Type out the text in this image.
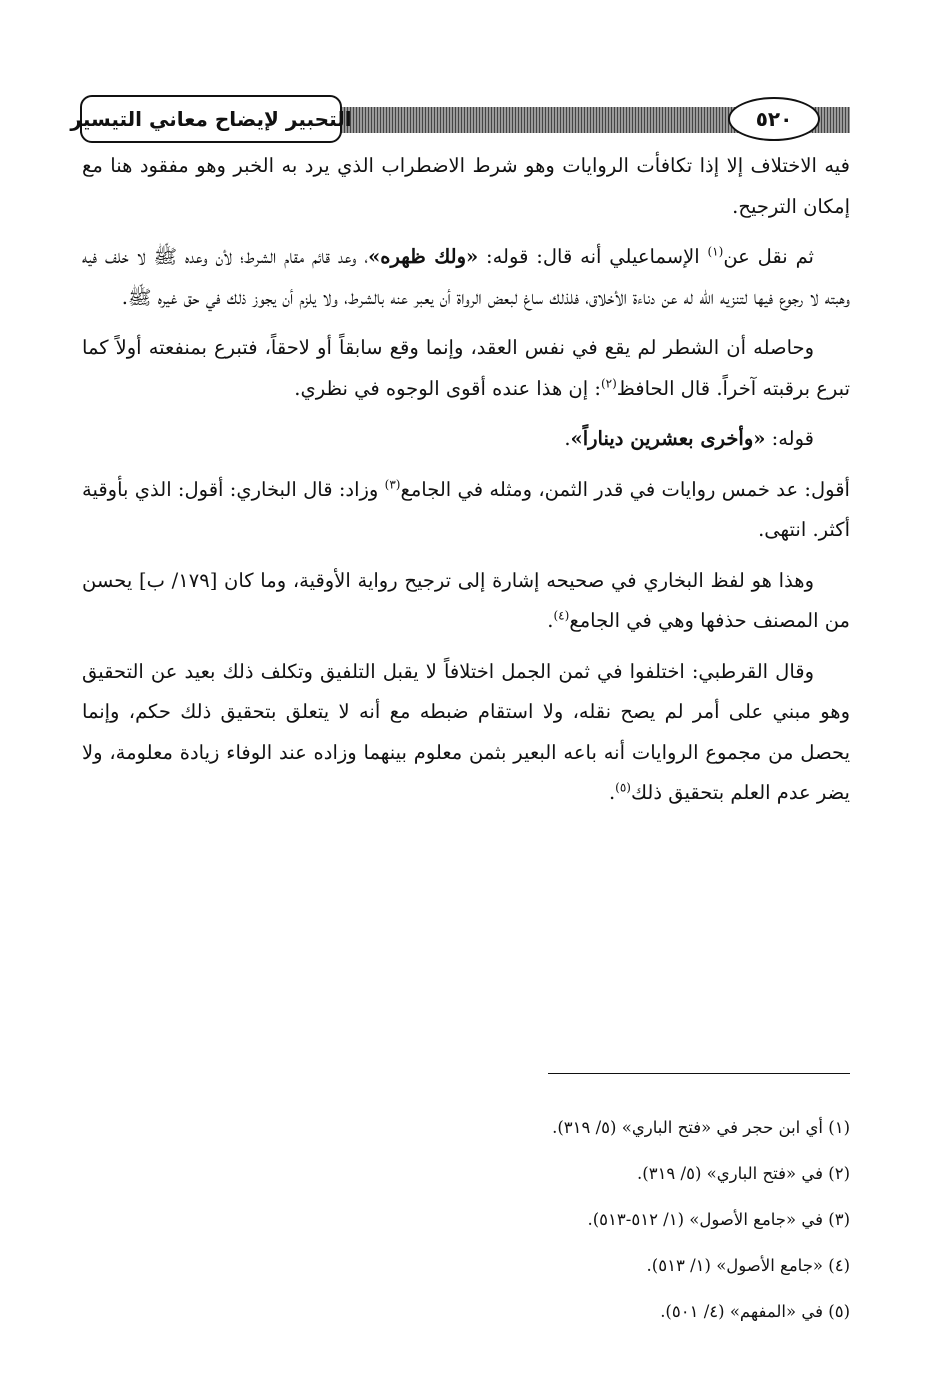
التحبير لإيضاح معاني التيسير	٥٢٠

فيه الاختلاف إلا إذا تكافأت الروايات وهو شرط الاضطراب الذي يرد به الخبر وهو مفقود هنا مع إمكان الترجيح.

ثم نقل عن$^{(١)}$ الإسماعيلي أنه قال: قوله: «ولك ظهره»، وعد قائم مقام الشرط؛ لأن وعده ﷺ لا خلف فيه وهبته لا رجوع فيها لتنزيه الله له عن دناءة الأخلاق، فلذلك ساغ لبعض الرواة أن يعبر عنه بالشرط، ولا يلزم أن يجوز ذلك في حق غيره ﷺ.

وحاصله أن الشطر لم يقع في نفس العقد، وإنما وقع سابقاً أو لاحقاً، فتبرع بمنفعته أولاً كما تبرع برقبته آخراً. قال الحافظ$^{(٢)}$: إن هذا عنده أقوى الوجوه في نظري.

قوله: «وأخرى بعشرين ديناراً».

أقول: عد خمس روايات في قدر الثمن، ومثله في الجامع$^{(٣)}$ وزاد: قال البخاري: أقول: الذي بأوقية أكثر. انتهى.

وهذا هو لفظ البخاري في صحيحه إشارة إلى ترجيح رواية الأوقية، وما كان [١٧٩/ ب] يحسن من المصنف حذفها وهي في الجامع$^{(٤)}$.

وقال القرطبي: اختلفوا في ثمن الجمل اختلافاً لا يقبل التلفيق وتكلف ذلك بعيد عن التحقيق وهو مبني على أمر لم يصح نقله، ولا استقام ضبطه مع أنه لا يتعلق بتحقيق ذلك حكم، وإنما يحصل من مجموع الروايات أنه باعه البعير بثمن معلوم بينهما وزاده عند الوفاء زيادة معلومة، ولا يضر عدم العلم بتحقيق ذلك$^{(٥)}$.

(١) أي ابن حجر في «فتح الباري» (٥/ ٣١٩).

(٢) في «فتح الباري» (٥/ ٣١٩).

(٣) في «جامع الأصول» (١/ ٥١٢-٥١٣).

(٤) «جامع الأصول» (١/ ٥١٣).

(٥) في «المفهم» (٤/ ٥٠١).
